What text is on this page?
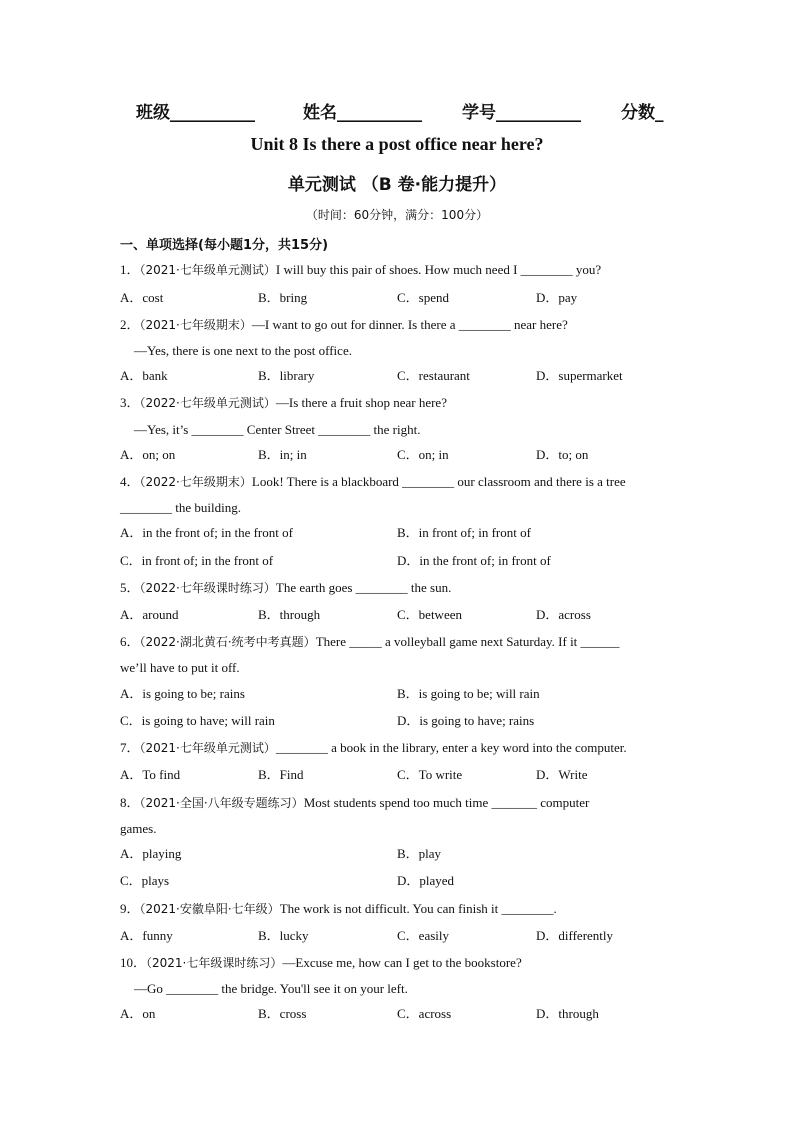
班级__________	姓名__________ 学号__________ 分数_
Unit 8 Is there a post office near here?
单元测试 （B 卷·能力提升）
（时间：60分钟，满分：100分）
一、单项选择(每小题1分，共15分)
1．（2021·七年级单元测试）I will buy this pair of shoes. How much need I ________ you?
A．cost	B．bring	C．spend	D．pay
2．（2021·七年级期末）—I want to go out for dinner. Is there a ________ near here?
—Yes, there is one next to the post office.
A．bank	B．library	C．restaurant	D．supermarket
3．（2022·七年级单元测试）—Is there a fruit shop near here?
—Yes, it’s ________ Center Street ________ the right.
A．on; on	B．in; in	C．on; in	D．to; on
4．（2022·七年级期末）Look! There is a blackboard ________ our classroom and there is a tree
________ the building.
A．in the front of; in the front of	B．in front of; in front of
C．in front of; in the front of	D．in the front of; in front of
5．（2022·七年级课时练习）The earth goes ________ the sun.
A．around	B．through	C．between	D．across
6．（2022·湖北黄石·统考中考真题）There _____ a volleyball game next Saturday. If it ______
we’ll have to put it off.
A．is going to be; rains	B．is going to be; will rain
C．is going to have; will rain	D．is going to have; rains
7．（2021·七年级单元测试）________ a book in the library, enter a key word into the computer.
A．To find	B．Find	C．To write	D．Write
8．（2021·全国·八年级专题练习）Most students spend too much time _______ computer
games.
A．playing	B．play
C．plays	D．played
9．（2021·安徽阜阳·七年级）The work is not difficult. You can finish it ________.
A．funny	B．lucky	C．easily	D．differently
10．（2021·七年级课时练习）—Excuse me, how can I get to the bookstore?
—Go ________ the bridge. You'll see it on your left.
A．on	B．cross	C．across	D．through
